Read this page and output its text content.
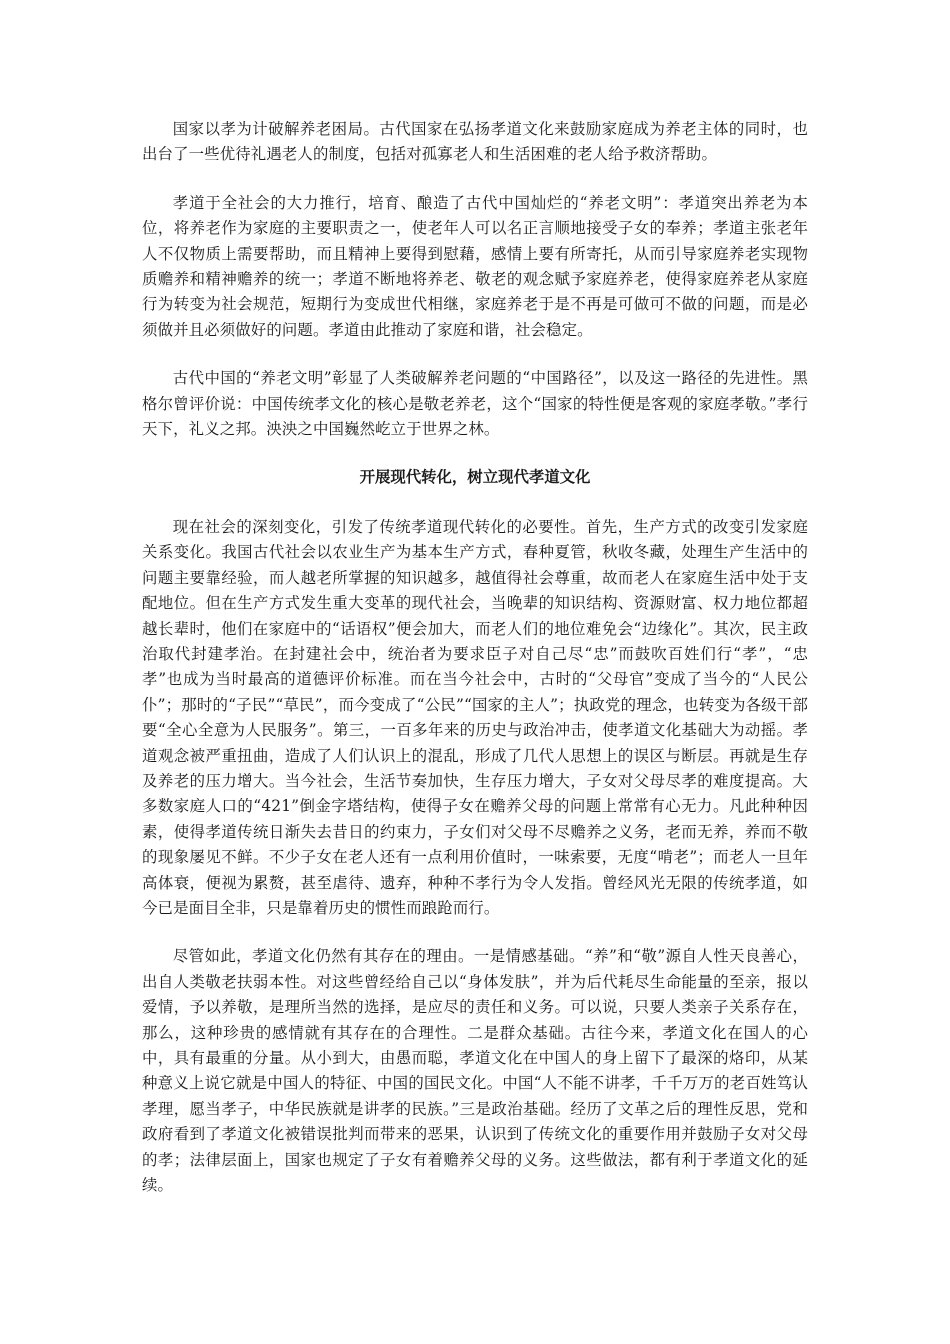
国家以孝为计破解养老困局。古代国家在弘扬孝道文化来鼓励家庭成为养老主体的同时，也出台了一些优待礼遇老人的制度，包括对孤寡老人和生活困难的老人给予救济帮助。

孝道于全社会的大力推行，培育、酿造了古代中国灿烂的“养老文明”：孝道突出养老为本位，将养老作为家庭的主要职责之一，使老年人可以名正言顺地接受子女的奉养；孝道主张老年人不仅物质上需要帮助，而且精神上要得到慰藉，感情上要有所寄托，从而引导家庭养老实现物质赡养和精神赡养的统一；孝道不断地将养老、敬老的观念赋予家庭养老，使得家庭养老从家庭行为转变为社会规范，短期行为变成世代相继，家庭养老于是不再是可做可不做的问题，而是必须做并且必须做好的问题。孝道由此推动了家庭和谐，社会稳定。

古代中国的“养老文明”彰显了人类破解养老问题的“中国路径”，以及这一路径的先进性。黑格尔曾评价说：中国传统孝文化的核心是敬老养老，这个“国家的特性便是客观的家庭孝敬。”孝行天下，礼义之邦。泱泱之中国巍然屹立于世界之林。

开展现代转化，树立现代孝道文化

现在社会的深刻变化，引发了传统孝道现代转化的必要性。首先，生产方式的改变引发家庭关系变化。我国古代社会以农业生产为基本生产方式，春种夏管，秋收冬藏，处理生产生活中的问题主要靠经验，而人越老所掌握的知识越多，越值得社会尊重，故而老人在家庭生活中处于支配地位。但在生产方式发生重大变革的现代社会，当晚辈的知识结构、资源财富、权力地位都超越长辈时，他们在家庭中的“话语权”便会加大，而老人们的地位难免会“边缘化”。其次，民主政治取代封建孝治。在封建社会中，统治者为要求臣子对自己尽“忠”而鼓吹百姓们行“孝”，“忠孝”也成为当时最高的道德评价标准。而在当今社会中，古时的“父母官”变成了当今的“人民公仆”；那时的“子民”“草民”，而今变成了“公民”“国家的主人”；执政党的理念，也转变为各级干部要“全心全意为人民服务”。第三，一百多年来的历史与政治冲击，使孝道文化基础大为动摇。孝道观念被严重扭曲，造成了人们认识上的混乱，形成了几代人思想上的误区与断层。再就是生存及养老的压力增大。当今社会，生活节奏加快，生存压力增大，子女对父母尽孝的难度提高。大多数家庭人口的“421”倒金字塔结构，使得子女在赡养父母的问题上常常有心无力。凡此种种因素，使得孝道传统日渐失去昔日的约束力，子女们对父母不尽赡养之义务，老而无养，养而不敬的现象屡见不鲜。不少子女在老人还有一点利用价值时，一味索要，无度“啃老”；而老人一旦年高体衰，便视为累赘，甚至虐待、遗弃，种种不孝行为令人发指。曾经风光无限的传统孝道，如今已是面目全非，只是靠着历史的惯性而踉跄而行。

尽管如此，孝道文化仍然有其存在的理由。一是情感基础。“养”和“敬”源自人性天良善心，出自人类敬老扶弱本性。对这些曾经给自己以“身体发肤”，并为后代耗尽生命能量的至亲，报以爱情，予以养敬，是理所当然的选择，是应尽的责任和义务。可以说，只要人类亲子关系存在，那么，这种珍贵的感情就有其存在的合理性。二是群众基础。古往今来，孝道文化在国人的心中，具有最重的分量。从小到大，由愚而聪，孝道文化在中国人的身上留下了最深的烙印，从某种意义上说它就是中国人的特征、中国的国民文化。中国“人不能不讲孝，千千万万的老百姓笃认孝理，愿当孝子，中华民族就是讲孝的民族。”三是政治基础。经历了文革之后的理性反思，党和政府看到了孝道文化被错误批判而带来的恶果，认识到了传统文化的重要作用并鼓励子女对父母的孝；法律层面上，国家也规定了子女有着赡养父母的义务。这些做法，都有利于孝道文化的延续。
